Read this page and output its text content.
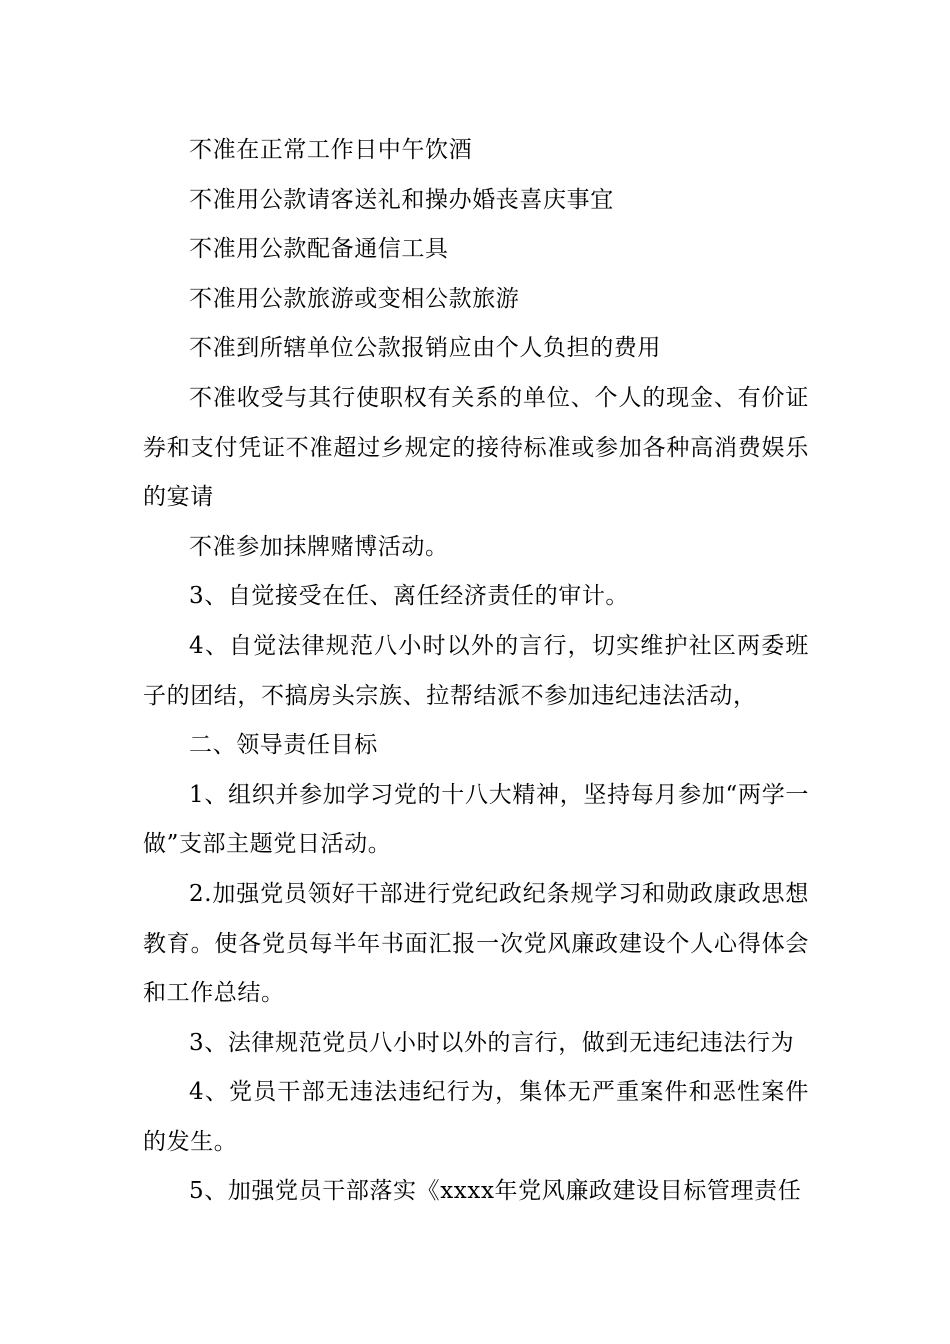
不准在正常工作日中午饮酒

不准用公款请客送礼和操办婚丧喜庆事宜

不准用公款配备通信工具

不准用公款旅游或变相公款旅游

不准到所辖单位公款报销应由个人负担的费用

不准收受与其行使职权有关系的单位、个人的现金、有价证券和支付凭证不准超过乡规定的接待标准或参加各种高消费娱乐的宴请

不准参加抹牌赌博活动。

3、自觉接受在任、离任经济责任的审计。

4、自觉法律规范八小时以外的言行，切实维护社区两委班子的团结，不搞房头宗族、拉帮结派不参加违纪违法活动，

二、领导责任目标

1、组织并参加学习党的十八大精神，坚持每月参加“两学一做”支部主题党日活动。

2.加强党员领好干部进行党纪政纪条规学习和勋政康政思想教育。使各党员每半年书面汇报一次党风廉政建设个人心得体会和工作总结。

3、法律规范党员八小时以外的言行，做到无违纪违法行为

4、党员干部无违法违纪行为，集体无严重案件和恶性案件的发生。

5、加强党员干部落实《xxxx年党风廉政建设目标管理责任
